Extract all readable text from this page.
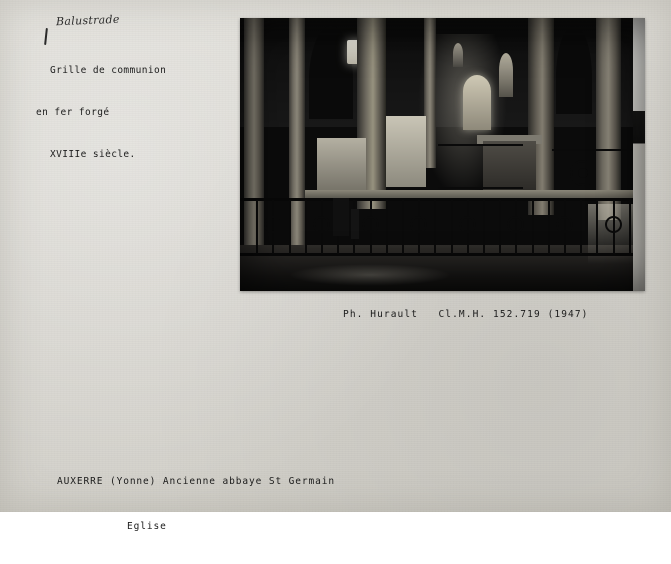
Balustrade

Grille de communion

en fer forgé

XVIIIe siècle.

Ph. Hurault   Cl.M.H. 152.719 (1947)

AUXERRE (Yonne) Ancienne abbaye St Germain

Eglise
